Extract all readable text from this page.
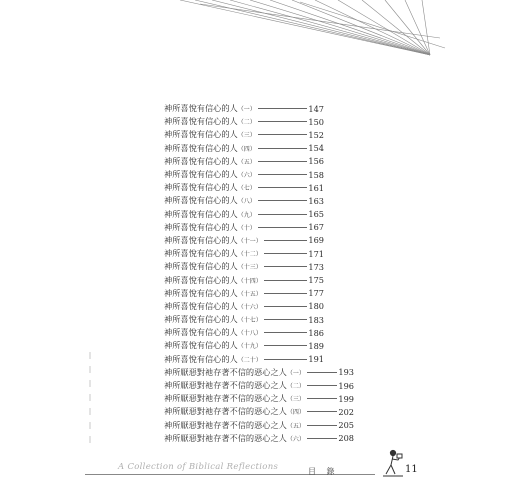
神所喜悅有信心的人（一）	147
神所喜悅有信心的人（二）	150
神所喜悅有信心的人（三）	152
神所喜悅有信心的人（四）	154
神所喜悅有信心的人（五）	156
神所喜悅有信心的人（六）	158
神所喜悅有信心的人（七）	161
神所喜悅有信心的人（八）	163
神所喜悅有信心的人（九）	165
神所喜悅有信心的人（十）	167
神所喜悅有信心的人（十一）	169
神所喜悅有信心的人（十二）	171
神所喜悅有信心的人（十三）	173
神所喜悅有信心的人（十四）	175
神所喜悅有信心的人（十五）	177
神所喜悅有信心的人（十六）	180
神所喜悅有信心的人（十七）	183
神所喜悅有信心的人（十八）	186
神所喜悅有信心的人（十九）	189
神所喜悅有信心的人（二十）	191
神所厭惡對祂存著不信的惡心之人（一）	193
神所厭惡對祂存著不信的惡心之人（二）	196
神所厭惡對祂存著不信的惡心之人（三）	199
神所厭惡對祂存著不信的惡心之人（四）	202
神所厭惡對祂存著不信的惡心之人（五）	205
神所厭惡對祂存著不信的惡心之人（六）	208
A Collection of Biblical Reflections	目 錄	11
